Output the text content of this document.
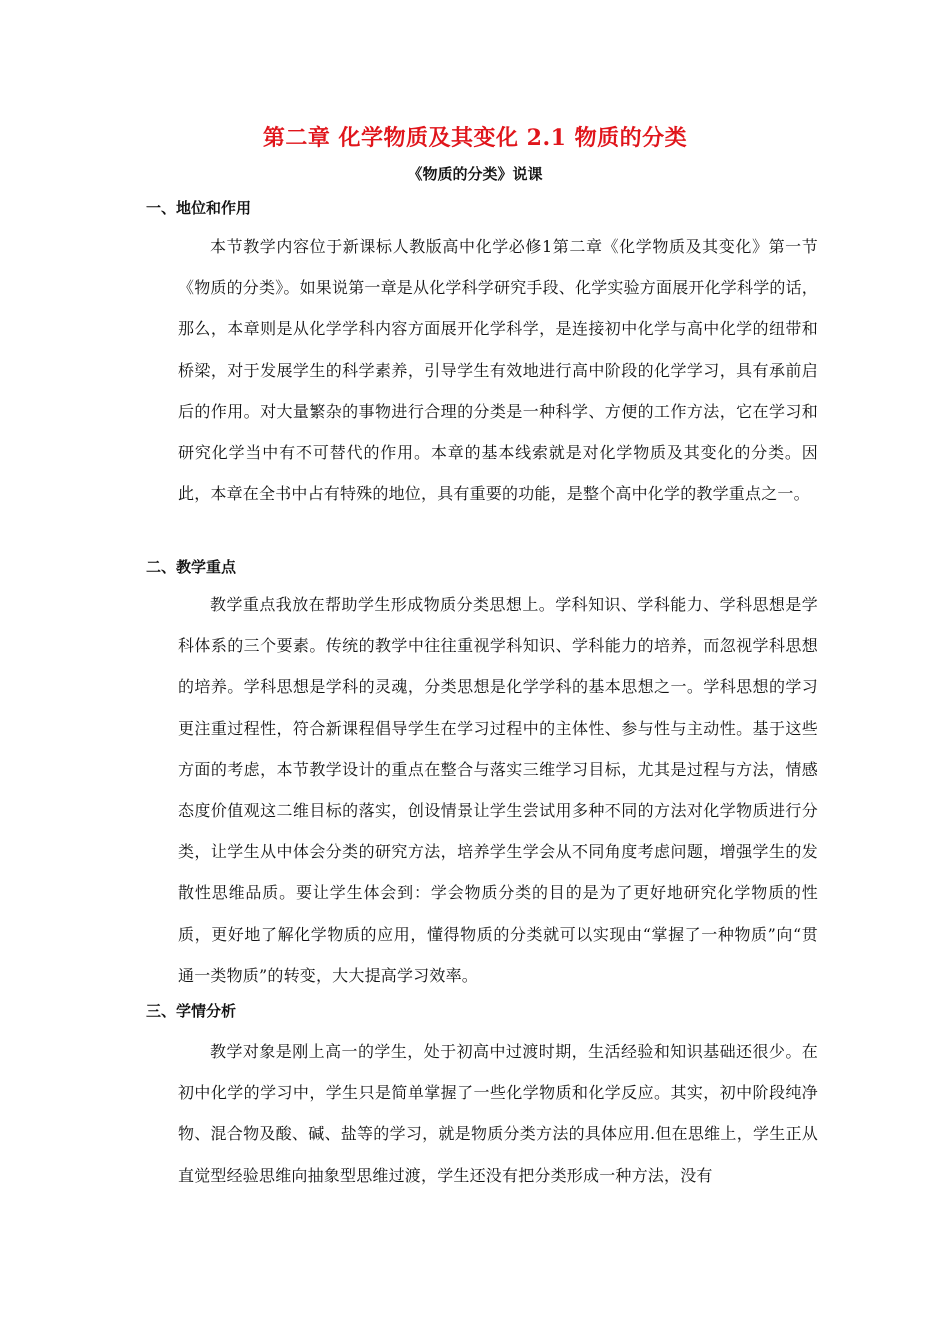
第二章 化学物质及其变化 2.1 物质的分类
《物质的分类》说课
一、地位和作用

本节教学内容位于新课标人教版高中化学必修1第二章《化学物质及其变化》第一节《物质的分类》。如果说第一章是从化学科学研究手段、化学实验方面展开化学科学的话，那么，本章则是从化学学科内容方面展开化学科学，是连接初中化学与高中化学的纽带和桥梁，对于发展学生的科学素养，引导学生有效地进行高中阶段的化学学习，具有承前启后的作用。对大量繁杂的事物进行合理的分类是一种科学、方便的工作方法，它在学习和研究化学当中有不可替代的作用。本章的基本线索就是对化学物质及其变化的分类。因此，本章在全书中占有特殊的地位，具有重要的功能，是整个高中化学的教学重点之一。

二、教学重点

教学重点我放在帮助学生形成物质分类思想上。学科知识、学科能力、学科思想是学科体系的三个要素。传统的教学中往往重视学科知识、学科能力的培养，而忽视学科思想的培养。学科思想是学科的灵魂，分类思想是化学学科的基本思想之一。学科思想的学习更注重过程性，符合新课程倡导学生在学习过程中的主体性、参与性与主动性。基于这些方面的考虑，本节教学设计的重点在整合与落实三维学习目标，尤其是过程与方法，情感态度价值观这二维目标的落实，创设情景让学生尝试用多种不同的方法对化学物质进行分类，让学生从中体会分类的研究方法，培养学生学会从不同角度考虑问题，增强学生的发散性思维品质。要让学生体会到：学会物质分类的目的是为了更好地研究化学物质的性质，更好地了解化学物质的应用，懂得物质的分类就可以实现由“掌握了一种物质”向“贯通一类物质”的转变，大大提高学习效率。

三、学情分析

教学对象是刚上高一的学生，处于初高中过渡时期，生活经验和知识基础还很少。在初中化学的学习中，学生只是简单掌握了一些化学物质和化学反应。其实，初中阶段纯净物、混合物及酸、碱、盐等的学习，就是物质分类方法的具体应用.但在思维上，学生正从直觉型经验思维向抽象型思维过渡，学生还没有把分类形成一种方法，没有
